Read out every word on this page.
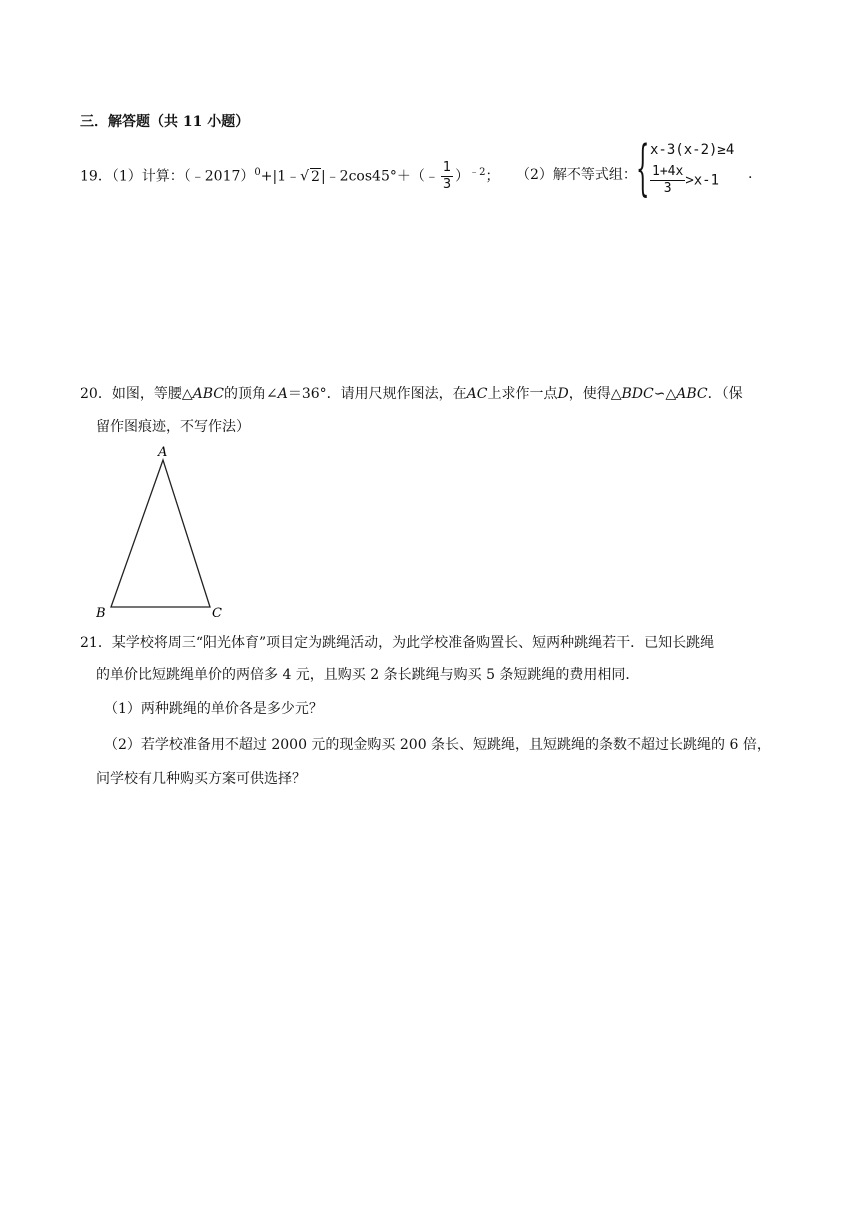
三．解答题（共 11 小题）
19．（1）计算：（﹣2017）$^0$+|1﹣√ 2|﹣2cos45°＋（﹣ $\frac{1}{3} )^{﹣2}$； （2）解不等式组： { x-3(x-2)≥4
$\frac{1+4x}{3} >x-1$ .
20．如图，等腰△ABC的顶角∠A＝36°．请用尺规作图法，在AC上求作一点D，使得△BDC∽△ABC．（保
留作图痕迹，不写作法）
A
B	C
21．某学校将周三“阳光体育”项目定为跳绳活动，为此学校准备购置长、短两种跳绳若干．已知长跳绳
的单价比短跳绳单价的两倍多 4 元，且购买 2 条长跳绳与购买 5 条短跳绳的费用相同．
（1）两种跳绳的单价各是多少元？
（2）若学校准备用不超过 2000 元的现金购买 200 条长、短跳绳，且短跳绳的条数不超过长跳绳的 6 倍，
问学校有几种购买方案可供选择？
